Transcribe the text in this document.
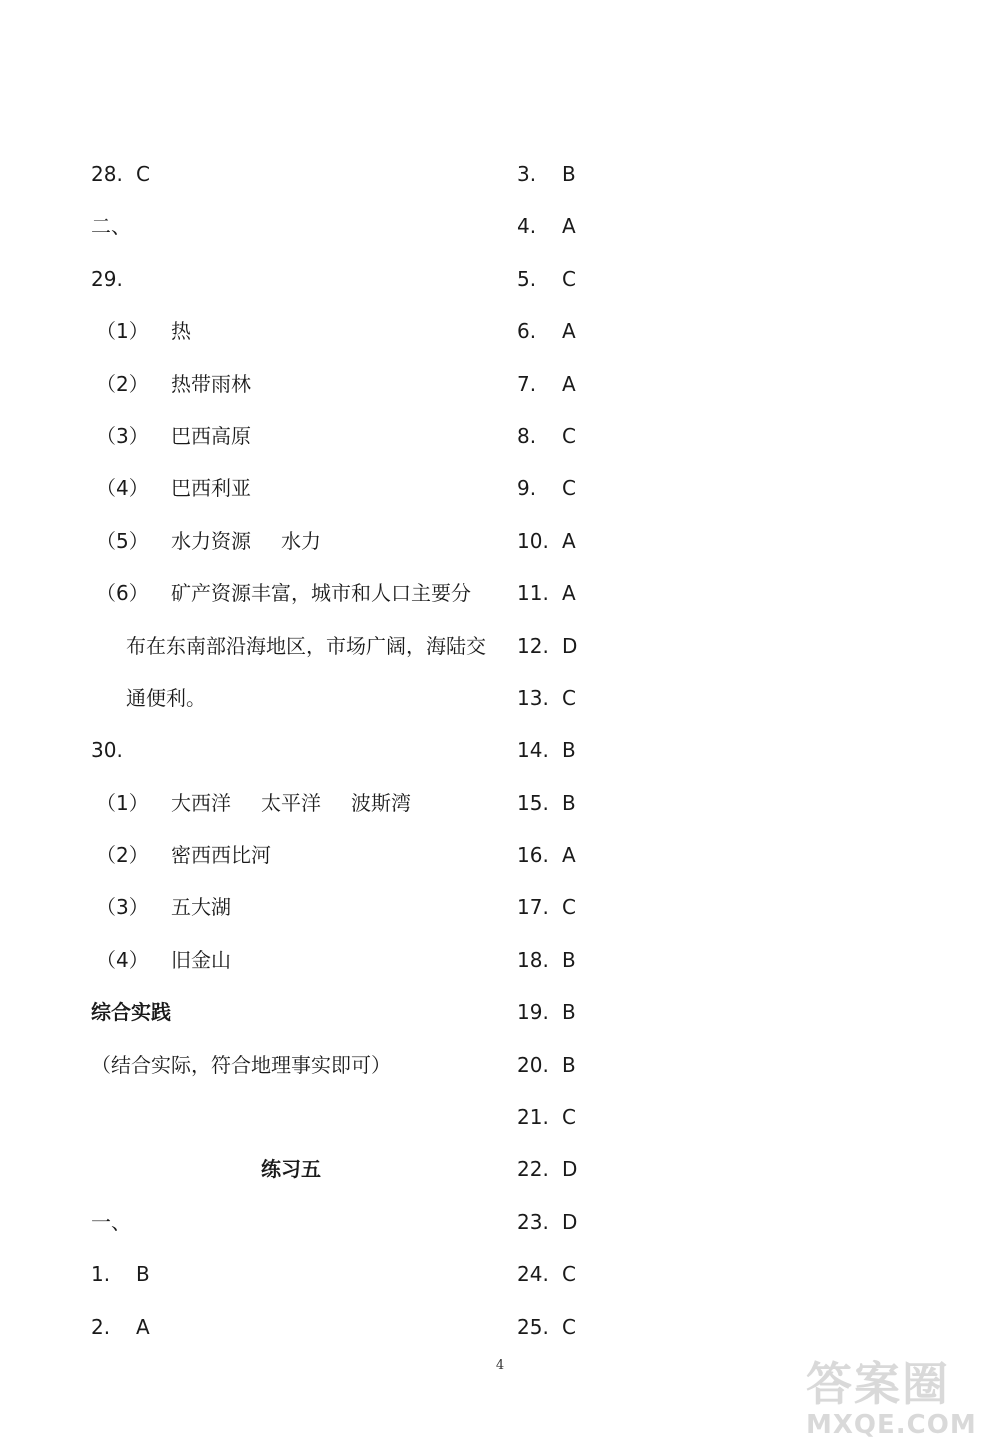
28. C
二、
29.
（1）	热
（2）	热带雨林
（3）	巴西高原
（4）	巴西利亚
（5）	水力资源 水力
（6）	矿产资源丰富，城市和人口主要分
布在东南部沿海地区，市场广阔，海陆交
通便利。
30.
（1）	大西洋 太平洋 波斯湾
（2）	密西西比河
（3）	五大湖
（4）	旧金山
综合实践
（结合实际，符合地理事实即可）
练习五
一、
1.	B
2.	A
3.	B
4.	A
5.	C
6.	A
7.	A
8.	C
9.	C
10. A
11. A
12. D
13. C
14. B
15. B
16. A
17. C
18. B
19. B
20. B
21. C
22. D
23. D
24. C
25. C
4	答案圈
MXQE.COM
